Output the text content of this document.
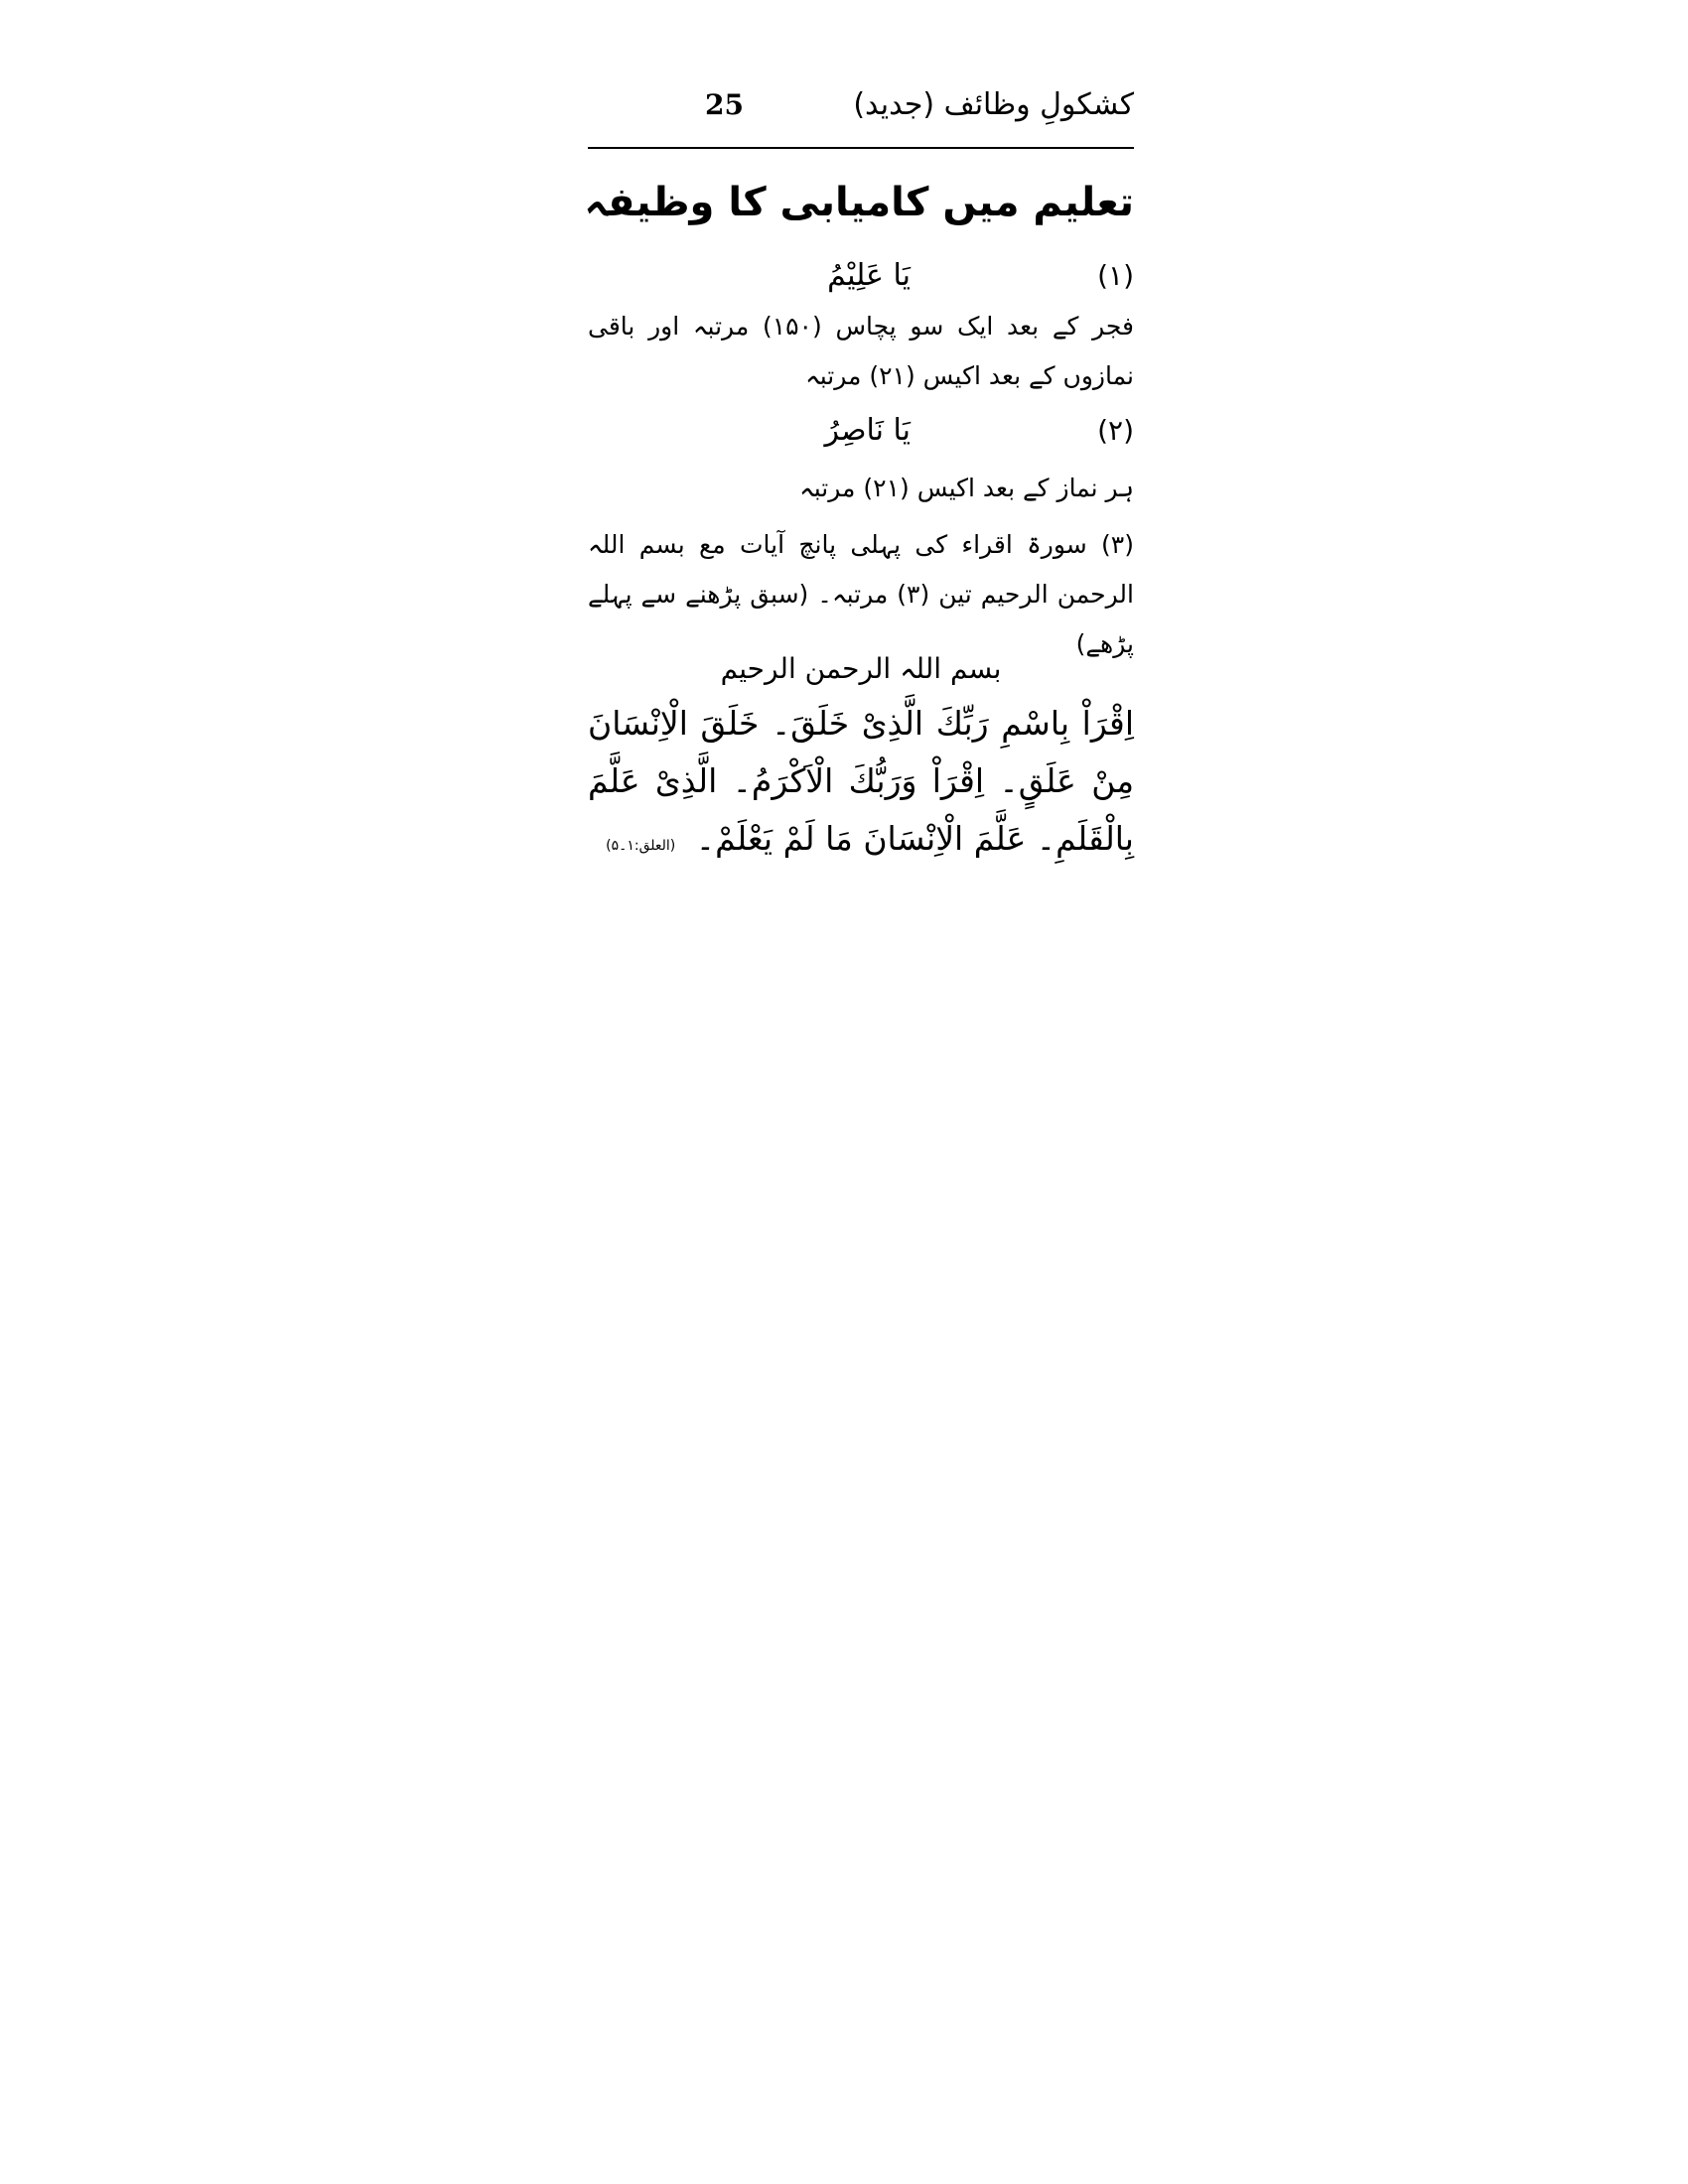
کشکولِ وظائف (جدید)
25
تعلیم میں کامیابی کا وظیفہ
(۱)
یَا عَلِیْمُ
فجر کے بعد ایک سو پچاس (۱۵۰) مرتبہ اور باقی نمازوں کے بعد اکیس (۲۱) مرتبہ
(۲)
یَا نَاصِرُ
ہر نماز کے بعد اکیس (۲۱) مرتبہ
(۳) سورۃ اقراء کی پہلی پانچ آیات مع بسم اللہ الرحمن الرحیم تین (۳) مرتبہ۔ (سبق پڑھنے سے پہلے پڑھے)
بسم اللہ الرحمن الرحیم
اِقْرَاْ بِاسْمِ رَبِّكَ الَّذِیْ خَلَقَ۔ خَلَقَ الْاِنْسَانَ مِنْ عَلَقٍ۔ اِقْرَاْ وَرَبُّكَ الْاَكْرَمُ۔ الَّذِیْ عَلَّمَ بِالْقَلَمِ۔ عَلَّمَ الْاِنْسَانَ مَا لَمْ یَعْلَمْ۔ (العلق:۱۔۵)
